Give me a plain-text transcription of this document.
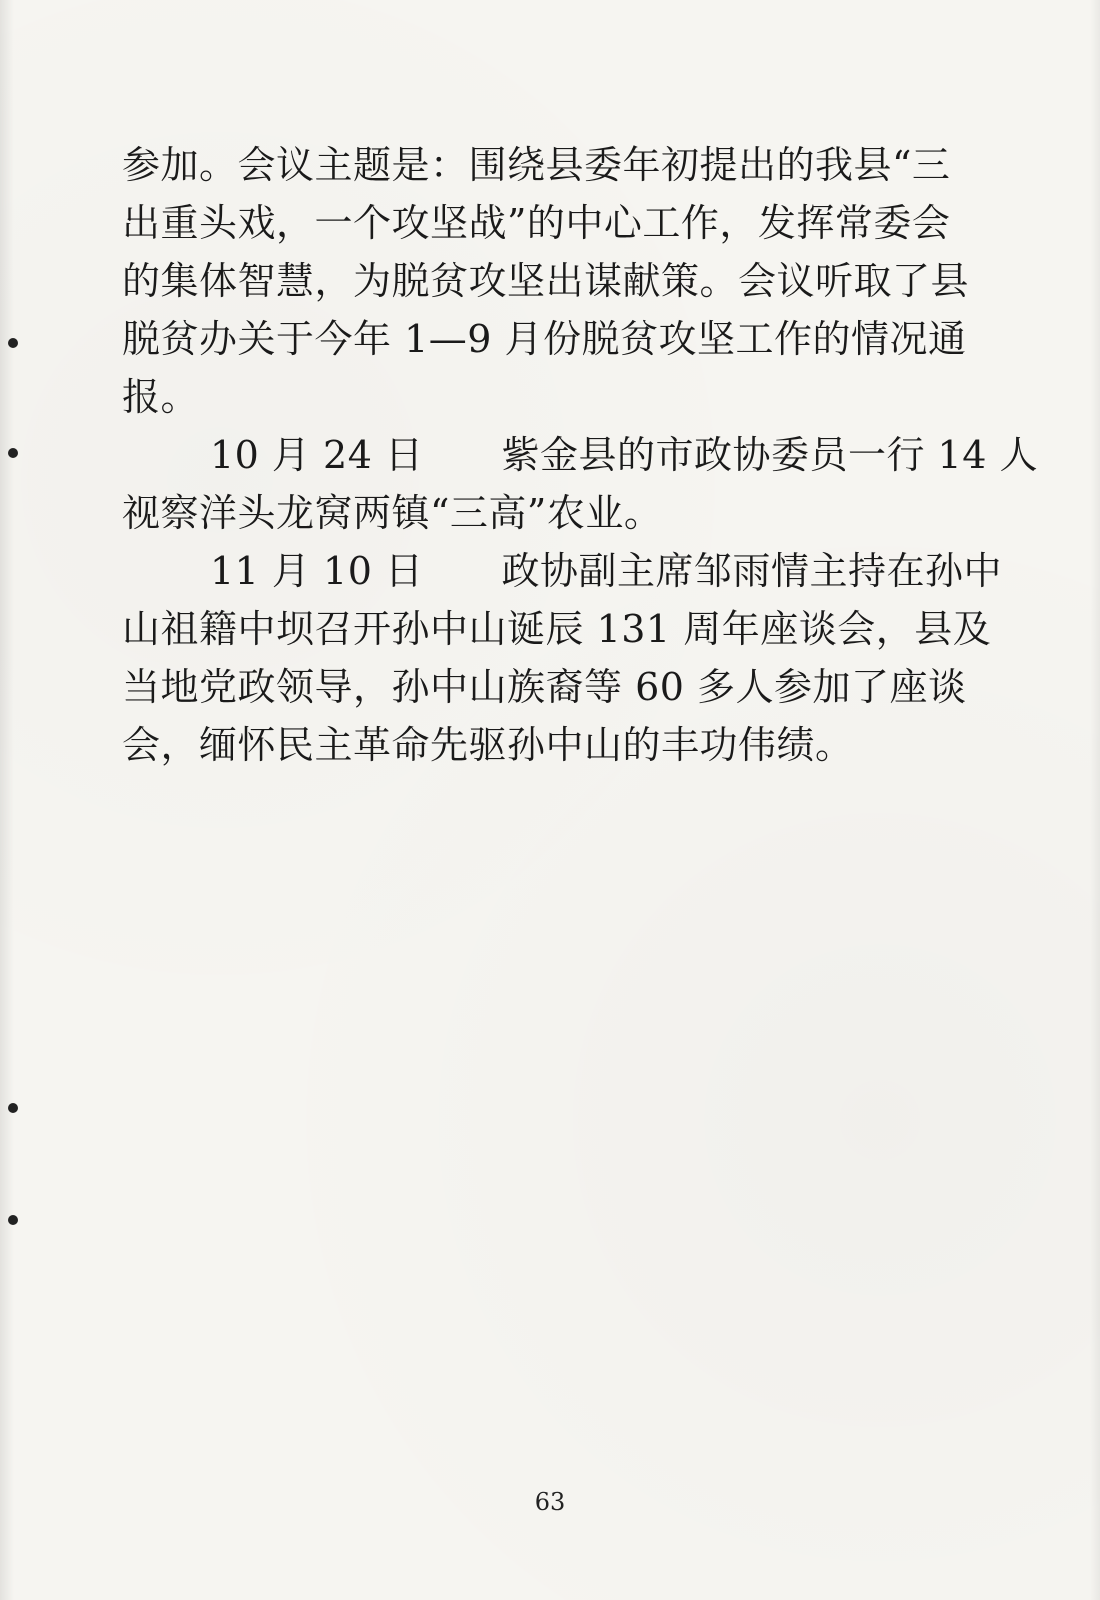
参加。会议主题是：围绕县委年初提出的我县“三
出重头戏，一个攻坚战”的中心工作，发挥常委会
的集体智慧，为脱贫攻坚出谋献策。会议听取了县
脱贫办关于今年 1—9 月份脱贫攻坚工作的情况通
报。
10 月 24 日 紫金县的市政协委员一行 14 人
视察洋头龙窝两镇“三高”农业。
11 月 10 日 政协副主席邹雨情主持在孙中
山祖籍中坝召开孙中山诞辰 131 周年座谈会，县及
当地党政领导，孙中山族裔等 60 多人参加了座谈
会，缅怀民主革命先驱孙中山的丰功伟绩。
63
